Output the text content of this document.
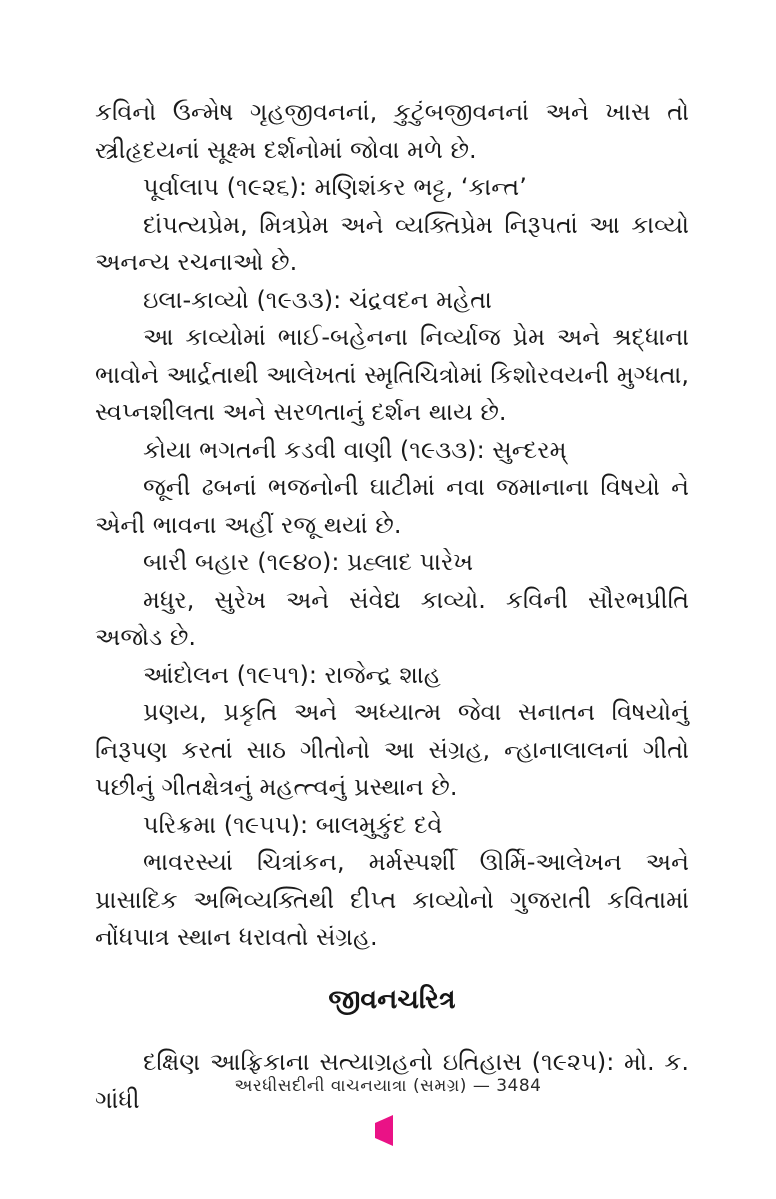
કવિનો ઉન્મેષ ગૃહજીવનનાં, કુટુંબજીવનનાં અને ખાસ તો સ્ત્રીહૃદયનાં સૂક્ષ્મ દર્શનોમાં જોવા મળે છે.

પૂર્વાલાપ (૧૯૨૬): મણિશંકર ભટ્ટ, ‘કાન્ત’

દાંપત્યપ્રેમ, મિત્રપ્રેમ અને વ્યક્તિપ્રેમ નિરૂપતાં આ કાવ્યો અનન્ય રચનાઓ છે.

ઇલા-કાવ્યો (૧૯૩૩): ચંદ્રવદન મહેતા

આ કાવ્યોમાં ભાઈ-બહેનના નિર્વ્યાજ પ્રેમ અને શ્રદ્ધાના ભાવોને આર્દ્રતાથી આલેખતાં સ્મૃતિચિત્રોમાં કિશોરવયની મુગ્ધતા, સ્વપ્નશીલતા અને સરળતાનું દર્શન થાય છે.

કોયા ભગતની કડવી વાણી (૧૯૩૩): સુન્દરમ્

જૂની ઢબનાં ભજનોની ઘાટીમાં નવા જમાનાના વિષયો ને એની ભાવના અહીં રજૂ થયાં છે.

બારી બહાર (૧૯૪૦): પ્રહ્લાદ પારેખ

મધુર, સુરેખ અને સંવેદ્ય કાવ્યો. કવિની સૌરભપ્રીતિ અજોડ છે.

આંદોલન (૧૯૫૧): રાજેન્દ્ર શાહ

પ્રણય, પ્રકૃતિ અને અધ્યાત્મ જેવા સનાતન વિષયોનું નિરૂપણ કરતાં સાઠ ગીતોનો આ સંગ્રહ, ન્હાનાલાલનાં ગીતો પછીનું ગીતક્ષેત્રનું મહત્ત્વનું પ્રસ્થાન છે.

પરિક્રમા (૧૯૫૫): બાલમુકુંદ દવે

ભાવરસ્યાં ચિત્રાંકન, મર્મસ્પર્શી ઊર્મિ-આલેખન અને પ્રાસાદિક અભિવ્યક્તિથી દીપ્ત કાવ્યોનો ગુજરાતી કવિતામાં નોંધપાત્ર સ્થાન ધરાવતો સંગ્રહ.

જીવનચરિત્ર

દક્ષિણ આફ્રિકાના સત્યાગ્રહનો ઇતિહાસ (૧૯૨૫): મો. ક. ગાંધી	અરધીસદીની વાચનયાત્રા (સમગ્ર) — 3484
